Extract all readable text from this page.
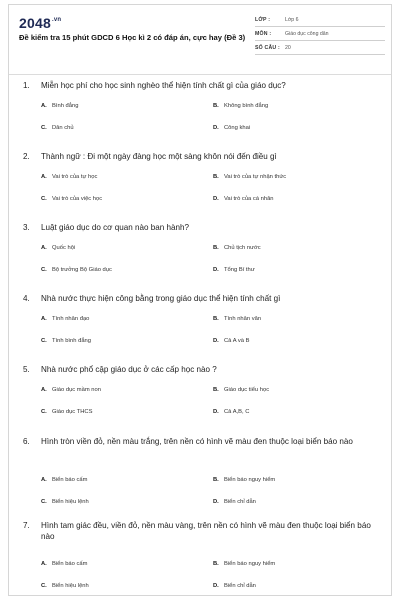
$2048^{.vn}$
Đề kiểm tra 15 phút GDCD 6 Học kì 2 có đáp án, cực hay (Đề 3)
LỚP :	Lớp 6
MÔN :	Giáo dục công dân
SỐ CÂU : 20
1.	Miễn học phí cho học sinh nghèo thể hiện tính chất gì của giáo dục?
A. Bình đẳng	B. Không bình đẳng
C. Dân chủ	D. Công khai
2.	Thành ngữ : Đi một ngày đàng học một sàng khôn nói đến điều gì
A. Vai trò của tự học	B. Vai trò của tự nhận thức
C. Vai trò của việc học	D. Vai trò của cá nhân
3.	Luật giáo dục do cơ quan nào ban hành?
A. Quốc hội	B. Chủ tịch nước
C. Bộ trưởng Bộ Giáo dục	D. Tổng Bí thư
4.	Nhà nước thực hiện công bằng trong giáo dục thể hiện tính chất gì
A. Tính nhân đạo	B. Tính nhân văn
C. Tính bình đẳng	D. Cả A và B
5.	Nhà nước phổ cập giáo dục ở các cấp học nào ?
A. Giáo dục mầm non	B. Giáo dục tiểu học
C. Giáo dục THCS	D. Cả A,B, C
6.	Hình tròn viền đỏ, nền màu trắng, trên nền có hình vẽ màu đen thuộc loại biển báo nào
A. Biển báo cấm	B. Biển báo nguy hiểm
C. Biển hiệu lệnh	D. Biển chỉ dẫn
7.	Hình tam giác đều, viền đỏ, nền màu vàng, trên nền có hình vẽ màu đen thuộc loại biển báo nào
A. Biển báo cấm	B. Biển báo nguy hiểm
C. Biển hiệu lệnh	D. Biển chỉ dẫn
